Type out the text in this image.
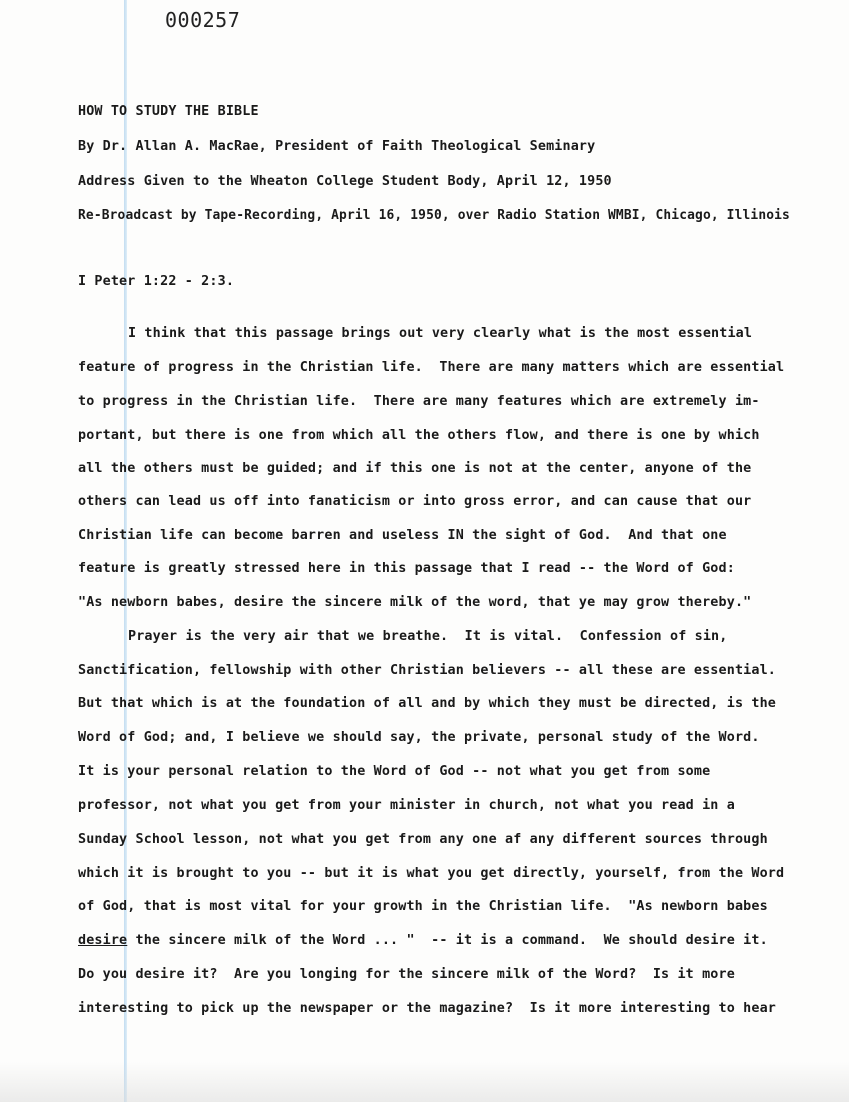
000257
HOW TO STUDY THE BIBLE
By Dr. Allan A. MacRae, President of Faith Theological Seminary
Address Given to the Wheaton College Student Body, April 12, 1950
Re-Broadcast by Tape-Recording, April 16, 1950, over Radio Station WMBI, Chicago, Illinois
I Peter 1:22 - 2:3.
I think that this passage brings out very clearly what is the most essential
feature of progress in the Christian life.  There are many matters which are essential
to progress in the Christian life.  There are many features which are extremely im-
portant, but there is one from which all the others flow, and there is one by which
all the others must be guided; and if this one is not at the center, anyone of the
others can lead us off into fanaticism or into gross error, and can cause that our
Christian life can become barren and useless IN the sight of God.  And that one
feature is greatly stressed here in this passage that I read -- the Word of God:
"As newborn babes, desire the sincere milk of the word, that ye may grow thereby."
Prayer is the very air that we breathe.  It is vital.  Confession of sin,
Sanctification, fellowship with other Christian believers -- all these are essential.
But that which is at the foundation of all and by which they must be directed, is the
Word of God; and, I believe we should say, the private, personal study of the Word.
It is your personal relation to the Word of God -- not what you get from some
professor, not what you get from your minister in church, not what you read in a
Sunday School lesson, not what you get from any one af any different sources through
which it is brought to you -- but it is what you get directly, yourself, from the Word
of God, that is most vital for your growth in the Christian life.  "As newborn babes
desire the sincere milk of the Word ... "  -- it is a command.  We should desire it.
Do you desire it?  Are you longing for the sincere milk of the Word?  Is it more
interesting to pick up the newspaper or the magazine?  Is it more interesting to hear
